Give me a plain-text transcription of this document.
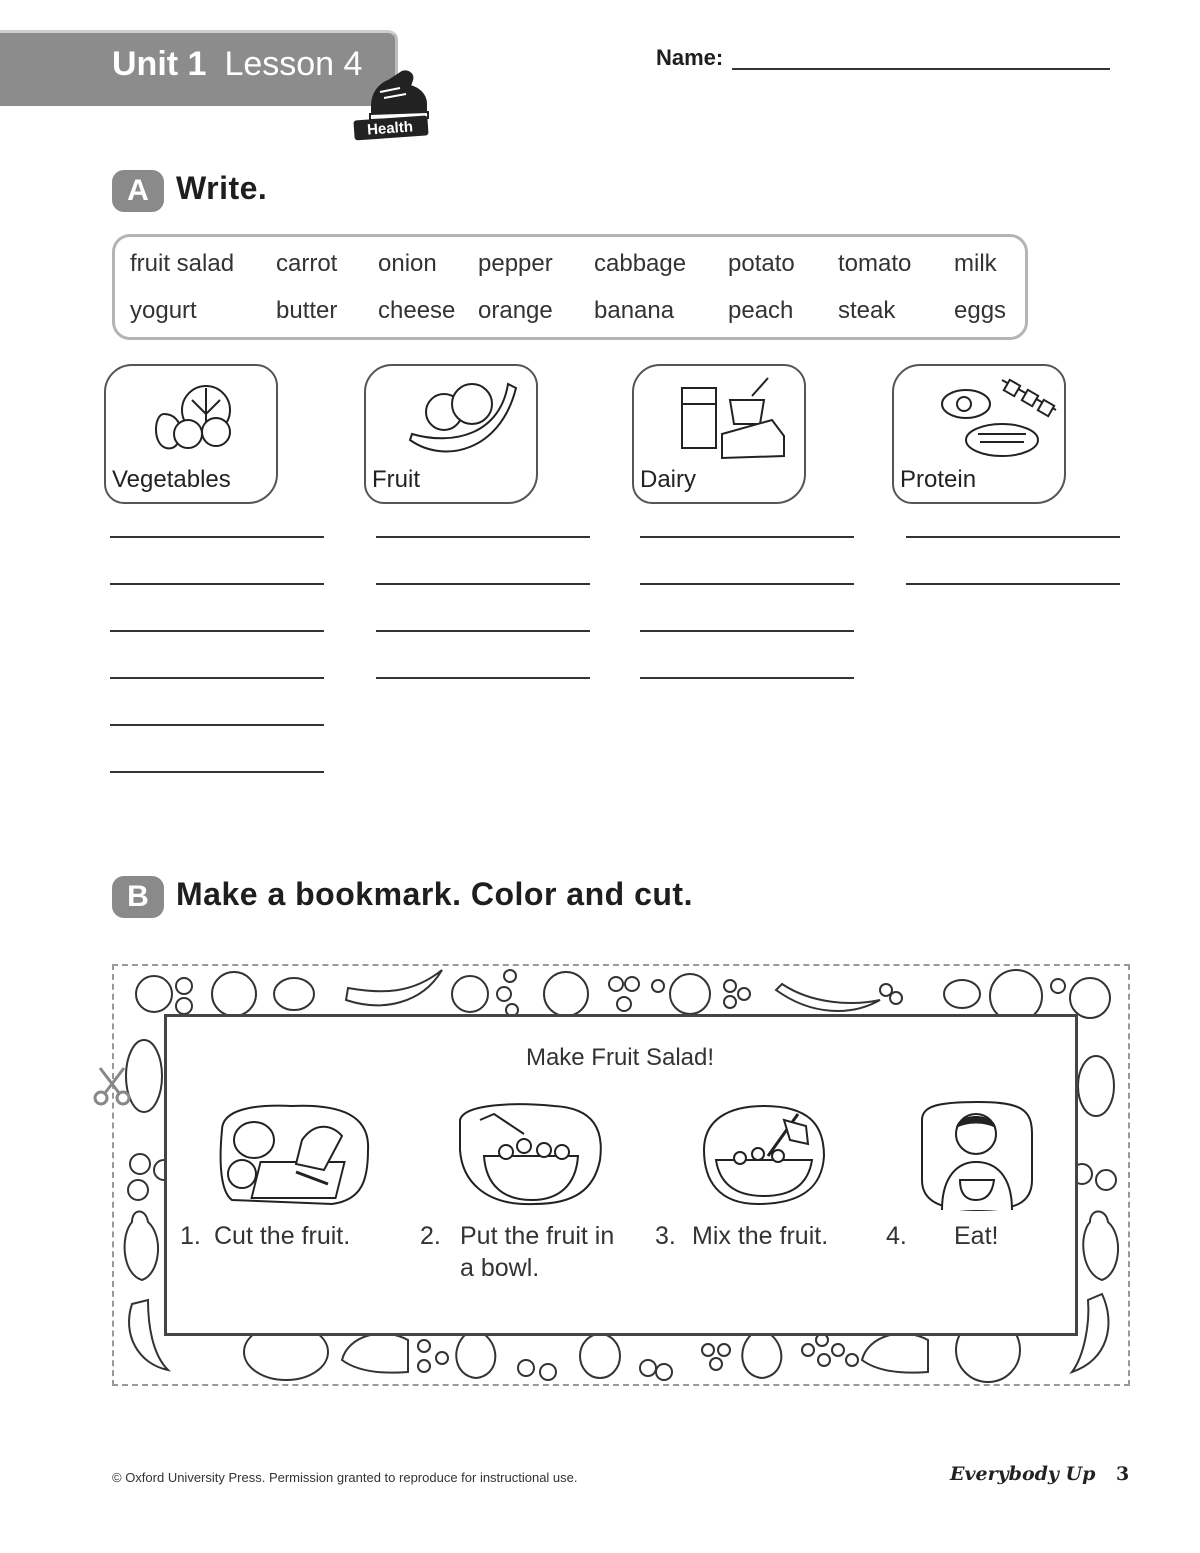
Unit 1 Lesson 4
Health
Name:
A Write.
fruit salad carrot onion pepper cabbage potato tomato milk
yogurt	butter cheese orange banana peach steak eggs
Vegetables	Fruit	Dairy	Protein
B Make a bookmark. Color and cut.
Make Fruit Salad!
1. Cut the fruit.	2. Put the fruit in a bowl.
3. Mix the fruit.	4. Eat!
© Oxford University Press. Permission granted to reproduce for instructional use.	Everybody Up 3
